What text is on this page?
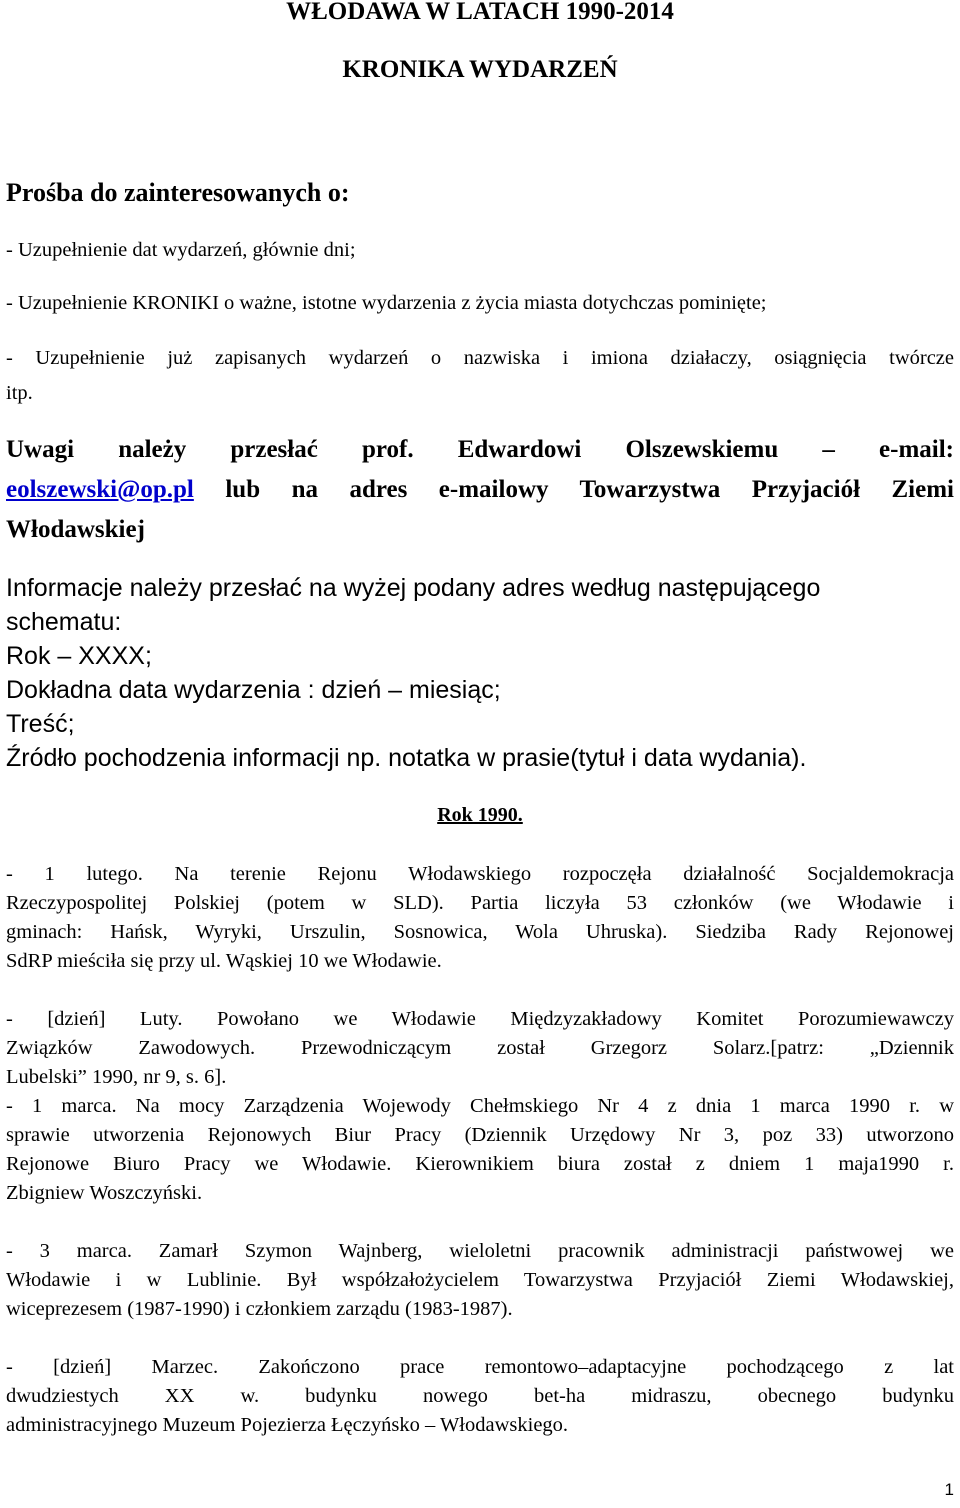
WŁODAWA W LATACH 1990-2014
KRONIKA WYDARZEŃ
Prośba do zainteresowanych o:
- Uzupełnienie dat wydarzeń, głównie dni;
- Uzupełnienie KRONIKI o ważne, istotne wydarzenia z życia miasta dotychczas pominięte;
- Uzupełnienie już zapisanych wydarzeń o nazwiska i imiona działaczy, osiągnięcia twórcze
itp.
Uwagi należy przesłać prof. Edwardowi Olszewskiemu – e-mail:
eolszewski@op.pl lub na adres e-mailowy Towarzystwa Przyjaciół Ziemi
Włodawskiej
Informacje należy przesłać na wyżej podany adres według następującego
schematu:
Rok – XXXX;
Dokładna data wydarzenia : dzień – miesiąc;
Treść;
Źródło pochodzenia informacji np. notatka w prasie(tytuł i data wydania).
Rok 1990.
- 1 lutego. Na terenie Rejonu Włodawskiego rozpoczęła działalność Socjaldemokracja
Rzeczypospolitej Polskiej (potem w SLD). Partia liczyła 53 członków (we Włodawie i
gminach: Hańsk, Wyryki, Urszulin, Sosnowica, Wola Uhruska). Siedziba Rady Rejonowej
SdRP mieściła się przy ul. Wąskiej 10 we Włodawie.
- [dzień] Luty. Powołano we Włodawie Międzyzakładowy Komitet Porozumiewawczy
Związków Zawodowych. Przewodniczącym został Grzegorz Solarz.[patrz: „Dziennik
Lubelski” 1990, nr 9, s. 6].
- 1 marca. Na mocy Zarządzenia Wojewody Chełmskiego Nr 4 z dnia 1 marca 1990 r. w
sprawie utworzenia Rejonowych Biur Pracy (Dziennik Urzędowy Nr 3, poz 33) utworzono
Rejonowe Biuro Pracy we Włodawie. Kierownikiem biura został z dniem 1 maja1990 r.
Zbigniew Woszczyński.
- 3 marca. Zamarł Szymon Wajnberg, wieloletni pracownik administracji państwowej we
Włodawie i w Lublinie. Był współzałożycielem Towarzystwa Przyjaciół Ziemi Włodawskiej,
wiceprezesem (1987-1990) i członkiem zarządu (1983-1987).
- [dzień] Marzec. Zakończono prace remontowo–adaptacyjne pochodzącego z lat
dwudziestych XX w. budynku nowego bet-ha midraszu, obecnego budynku
administracyjnego Muzeum Pojezierza Łęczyńsko – Włodawskiego.
1
